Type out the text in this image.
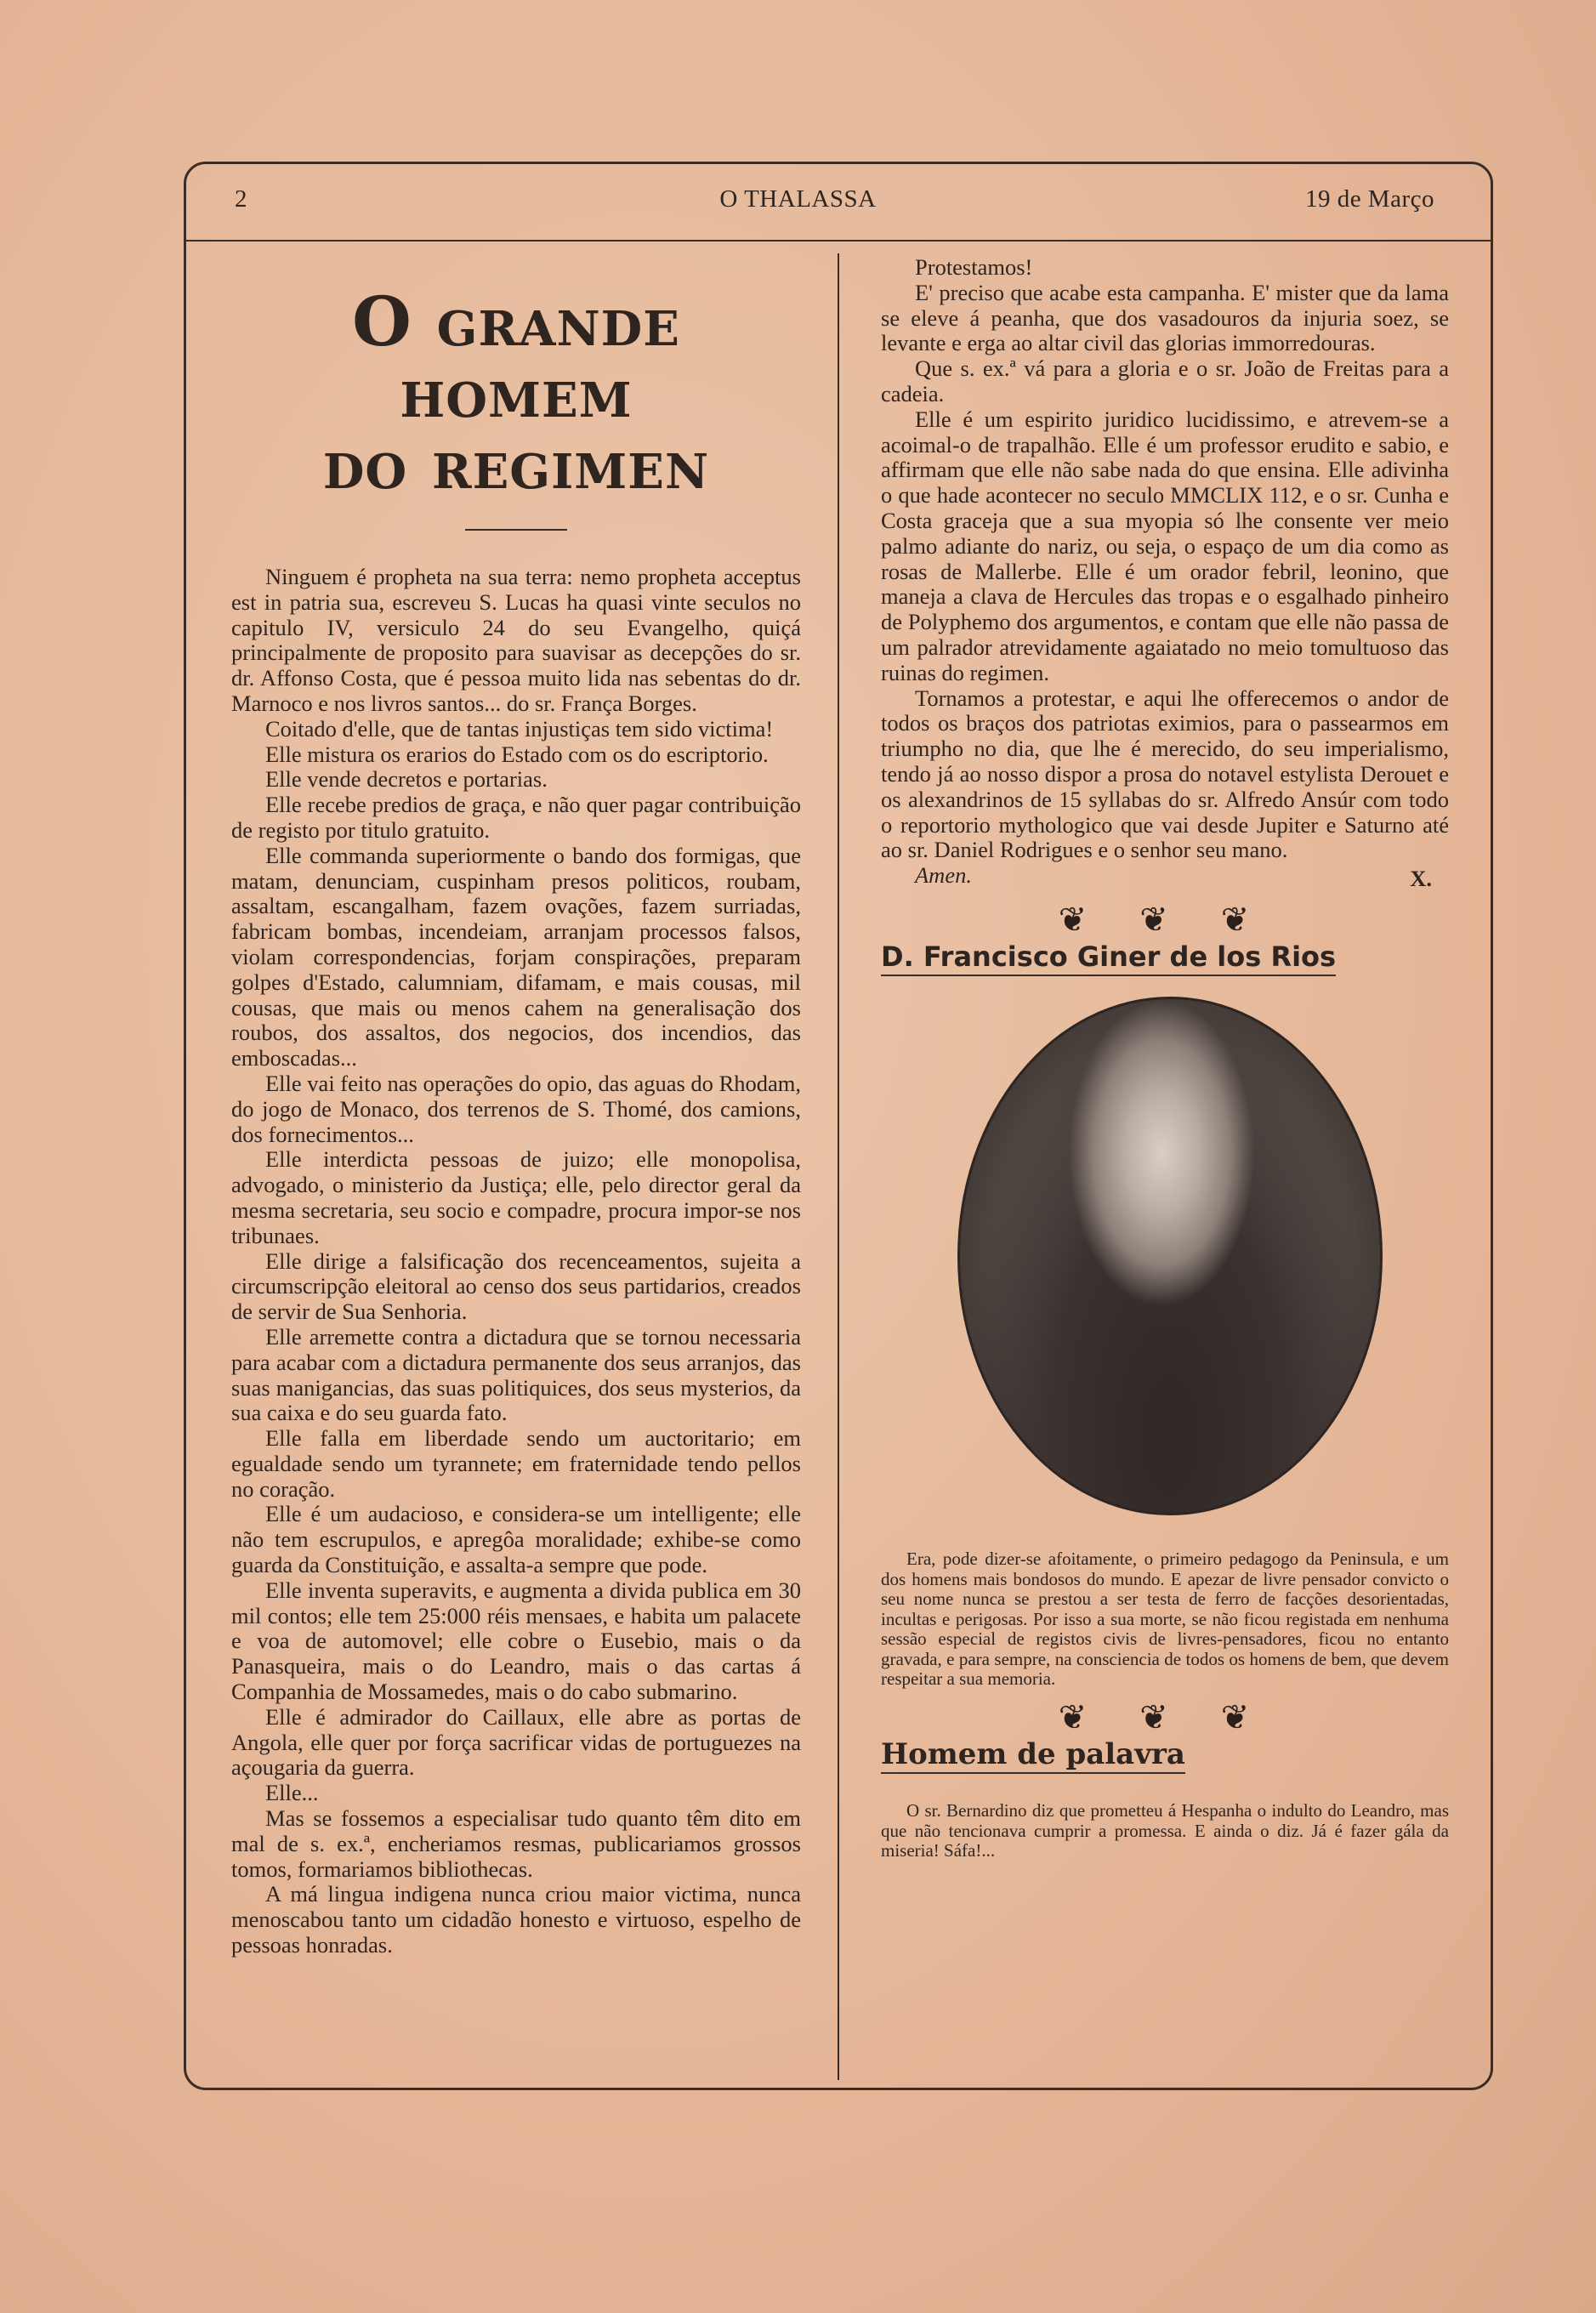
2	O THALASSA	19 de Março
O grande homem
do regimen

Ninguem é propheta na sua terra: nemo propheta acceptus est in patria sua, escreveu S. Lucas ha quasi vinte seculos no capitulo IV, versiculo 24 do seu Evangelho, quiçá principalmente de proposito para suavisar as decepções do sr. dr. Affonso Costa, que é pessoa muito lida nas sebentas do dr. Marnoco e nos livros santos... do sr. França Borges.

Coitado d'elle, que de tantas injustiças tem sido victima!

Elle mistura os erarios do Estado com os do escriptorio.

Elle vende decretos e portarias.

Elle recebe predios de graça, e não quer pagar contribuição de registo por titulo gratuito.

Elle commanda superiormente o bando dos formigas, que matam, denunciam, cuspinham presos politicos, roubam, assaltam, escangalham, fazem ovações, fazem surriadas, fabricam bombas, incendeiam, arranjam processos falsos, violam correspondencias, forjam conspirações, preparam golpes d'Estado, calumniam, difamam, e mais cousas, mil cousas, que mais ou menos cahem na generalisação dos roubos, dos assaltos, dos negocios, dos incendios, das emboscadas...

Elle vai feito nas operações do opio, das aguas do Rhodam, do jogo de Monaco, dos terrenos de S. Thomé, dos camions, dos fornecimentos...

Elle interdicta pessoas de juizo; elle monopolisa, advogado, o ministerio da Justiça; elle, pelo director geral da mesma secretaria, seu socio e compadre, procura impor-se nos tribunaes.

Elle dirige a falsificação dos recenceamentos, sujeita a circumscripção eleitoral ao censo dos seus partidarios, creados de servir de Sua Senhoria.

Elle arremette contra a dictadura que se tornou necessaria para acabar com a dictadura permanente dos seus arranjos, das suas manigancias, das suas politiquices, dos seus mysterios, da sua caixa e do seu guarda fato.

Elle falla em liberdade sendo um auctoritario; em egualdade sendo um tyrannete; em fraternidade tendo pellos no coração.

Elle é um audacioso, e considera-se um intelligente; elle não tem escrupulos, e apregôa moralidade; exhibe-se como guarda da Constituição, e assalta-a sempre que pode.

Elle inventa superavits, e augmenta a divida publica em 30 mil contos; elle tem 25:000 réis mensaes, e habita um palacete e voa de automovel; elle cobre o Eusebio, mais o da Panasqueira, mais o do Leandro, mais o das cartas á Companhia de Mossamedes, mais o do cabo submarino.

Elle é admirador do Caillaux, elle abre as portas de Angola, elle quer por força sacrificar vidas de portuguezes na açougaria da guerra.

Elle...

Mas se fossemos a especialisar tudo quanto têm dito em mal de s. ex.ª, encheriamos resmas, publicariamos grossos tomos, formariamos bibliothecas.

A má lingua indigena nunca criou maior victima, nunca menoscabou tanto um cidadão honesto e virtuoso, espelho de pessoas honradas.

Protestamos!

E' preciso que acabe esta campanha. E' mister que da lama se eleve á peanha, que dos vasadouros da injuria soez, se levante e erga ao altar civil das glorias immorredouras.

Que s. ex.ª vá para a gloria e o sr. João de Freitas para a cadeia.

Elle é um espirito juridico lucidissimo, e atrevem-se a acoimal-o de trapalhão. Elle é um professor erudito e sabio, e affirmam que elle não sabe nada do que ensina. Elle adivinha o que hade acontecer no seculo MMCLIX 112, e o sr. Cunha e Costa graceja que a sua myopia só lhe consente ver meio palmo adiante do nariz, ou seja, o espaço de um dia como as rosas de Mallerbe. Elle é um orador febril, leonino, que maneja a clava de Hercules das tropas e o esgalhado pinheiro de Polyphemo dos argumentos, e contam que elle não passa de um palrador atrevidamente agaiatado no meio tomultuoso das ruinas do regimen.

Tornamos a protestar, e aqui lhe offerecemos o andor de todos os braços dos patriotas eximios, para o passearmos em triumpho no dia, que lhe é merecido, do seu imperialismo, tendo já ao nosso dispor a prosa do notavel estylista Derouet e os alexandrinos de 15 syllabas do sr. Alfredo Ansúr com todo o reportorio mythologico que vai desde Jupiter e Saturno até ao sr. Daniel Rodrigues e o senhor seu mano.

Amen.	X.

❦ ❦ ❦
D. Francisco Giner de los Rios

Era, pode dizer-se afoitamente, o primeiro pedagogo da Peninsula, e um dos homens mais bondosos do mundo. E apezar de livre pensador convicto o seu nome nunca se prestou a ser testa de ferro de facções desorientadas, incultas e perigosas. Por isso a sua morte, se não ficou registada em nenhuma sessão especial de registos civis de livres-pensadores, ficou no entanto gravada, e para sempre, na consciencia de todos os homens de bem, que devem respeitar a sua memoria.

❦ ❦ ❦
Homem de palavra

O sr. Bernardino diz que prometteu á Hespanha o indulto do Leandro, mas que não tencionava cumprir a promessa. E ainda o diz. Já é fazer gála da miseria! Sáfa!...
